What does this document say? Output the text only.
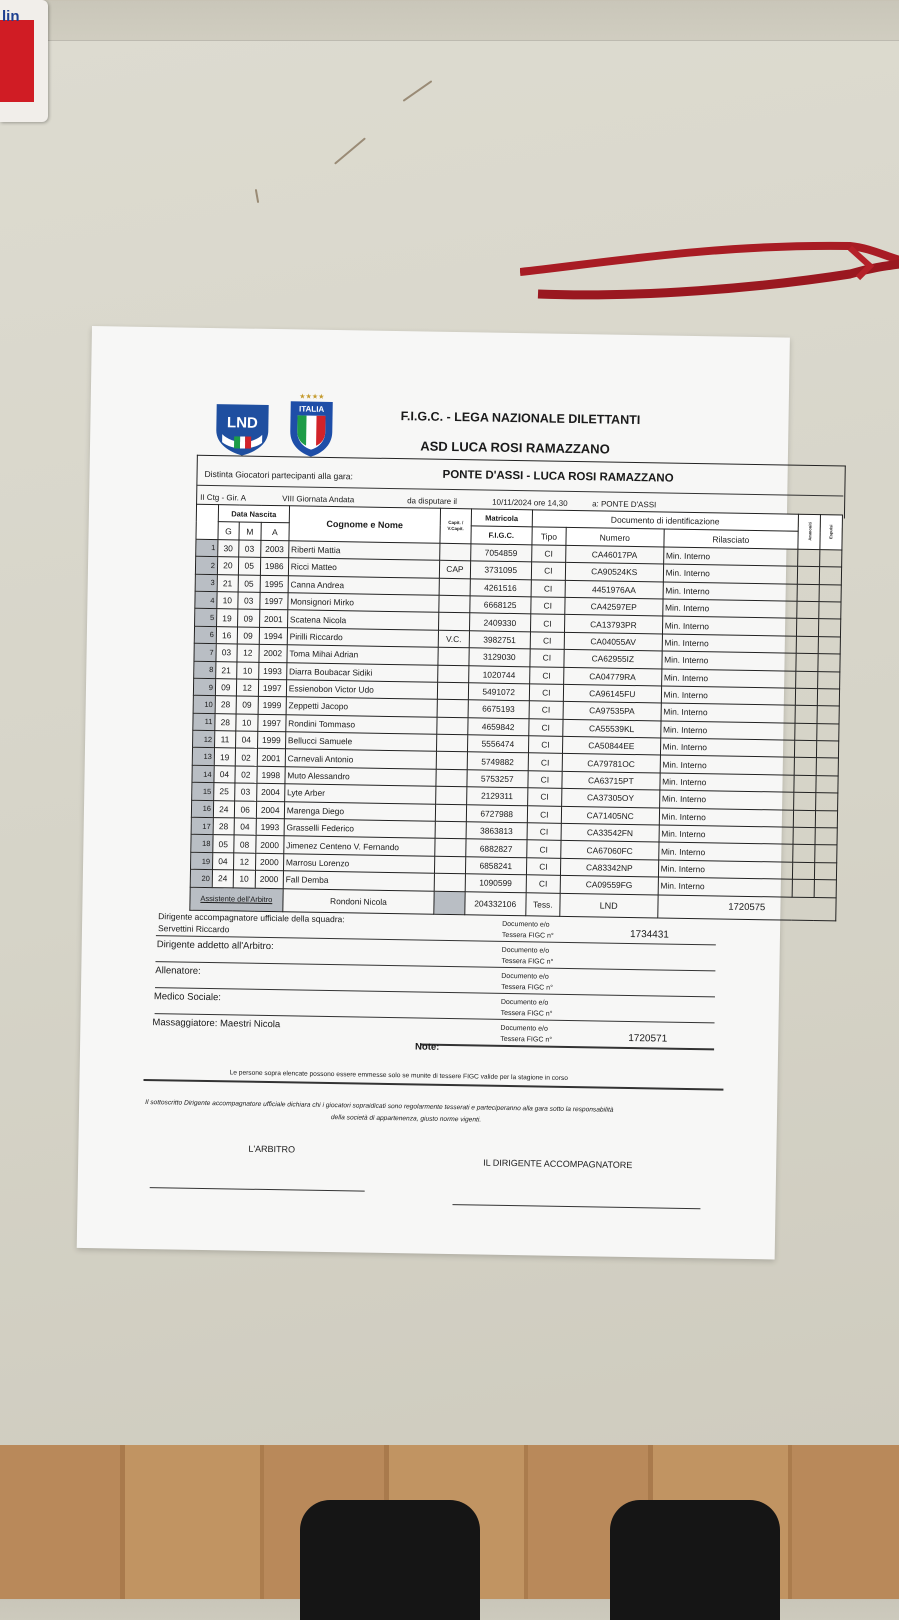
lin
LND
★★★★
ITALIA	F.I.G.C. - LEGA NAZIONALE DILETTANTI
ASD LUCA ROSI RAMAZZANO
Distinta Giocatori partecipanti alla gara:	PONTE D'ASSI - LUCA ROSI RAMAZZANO
II Ctg - Gir. A	VIII Giornata Andata	da disputare il	10/11/2024 ore 14,30	a: PONTE D'ASSI
	Data Nascita			Cognome e Nome	Capit. / V.Capit.	Matricola	Documento di identificazione			Ammoniti	Espulsi
	G	M	A			F.I.G.C.	Tipo	Numero	Rilasciato		
1	30	03	2003	Riberti Mattia		7054859	CI	CA46017PA	Min. Interno		
2	20	05	1986	Ricci Matteo	CAP	3731095	CI	CA90524KS	Min. Interno		
3	21	05	1995	Canna Andrea		4261516	CI	4451976AA	Min. Interno		
4	10	03	1997	Monsignori Mirko		6668125	CI	CA42597EP	Min. Interno		
5	19	09	2001	Scatena Nicola		2409330	CI	CA13793PR	Min. Interno		
6	16	09	1994	Pirilli Riccardo	V.C.	3982751	CI	CA04055AV	Min. Interno		
7	03	12	2002	Toma Mihai Adrian		3129030	CI	CA62955IZ	Min. Interno		
8	21	10	1993	Diarra Boubacar Sidiki		1020744	CI	CA04779RA	Min. Interno		
9	09	12	1997	Essienobon Victor Udo		5491072	CI	CA96145FU	Min. Interno		
10	28	09	1999	Zeppetti Jacopo		6675193	CI	CA97535PA	Min. Interno		
11	28	10	1997	Rondini Tommaso		4659842	CI	CA55539KL	Min. Interno		
12	11	04	1999	Bellucci Samuele		5556474	CI	CA50844EE	Min. Interno		
13	19	02	2001	Carnevali Antonio		5749882	CI	CA79781OC	Min. Interno		
14	04	02	1998	Muto Alessandro		5753257	CI	CA63715PT	Min. Interno		
15	25	03	2004	Lyte Arber		2129311	CI	CA37305OY	Min. Interno		
16	24	06	2004	Marenga Diego		6727988	CI	CA71405NC	Min. Interno		
17	28	04	1993	Grasselli Federico		3863813	CI	CA33542FN	Min. Interno		
18	05	08	2000	Jimenez Centeno V. Fernando		6882827	CI	CA67060FC	Min. Interno		
19	04	12	2000	Marrosu Lorenzo		6858241	CI	CA83342NP	Min. Interno		
20	24	10	2000	Fall Demba		1090599	CI	CA09559FG	Min. Interno		
Assistente dell'Arbitro				Rondoni Nicola		204332106	Tess.	LND	1720575		
Dirigente accompagnatore ufficiale della squadra:
Servettini Riccardo	Documento e/o
Tessera FIGC n°	1734431
Dirigente addetto all'Arbitro:	Documento e/o
Tessera FIGC n°
Allenatore:	Documento e/o
Tessera FIGC n°
Medico Sociale:	Documento e/o
Tessera FIGC n°
Massaggiatore: Maestri Nicola	Documento e/o
Tessera FIGC n°	1720571
Note:
Le persone sopra elencate possono essere emmesse solo se munite di tessere FIGC valide per la stagione in corso
Il sottoscritto Dirigente accompagnatore ufficiale dichiara chi i giocatori sopraidicati sono regolarmente tesserati e parteciperanno alla gara sotto la responsabilità
della società di appartenenza, giusto norme vigenti.
L'ARBITRO
IL DIRIGENTE ACCOMPAGNATORE
